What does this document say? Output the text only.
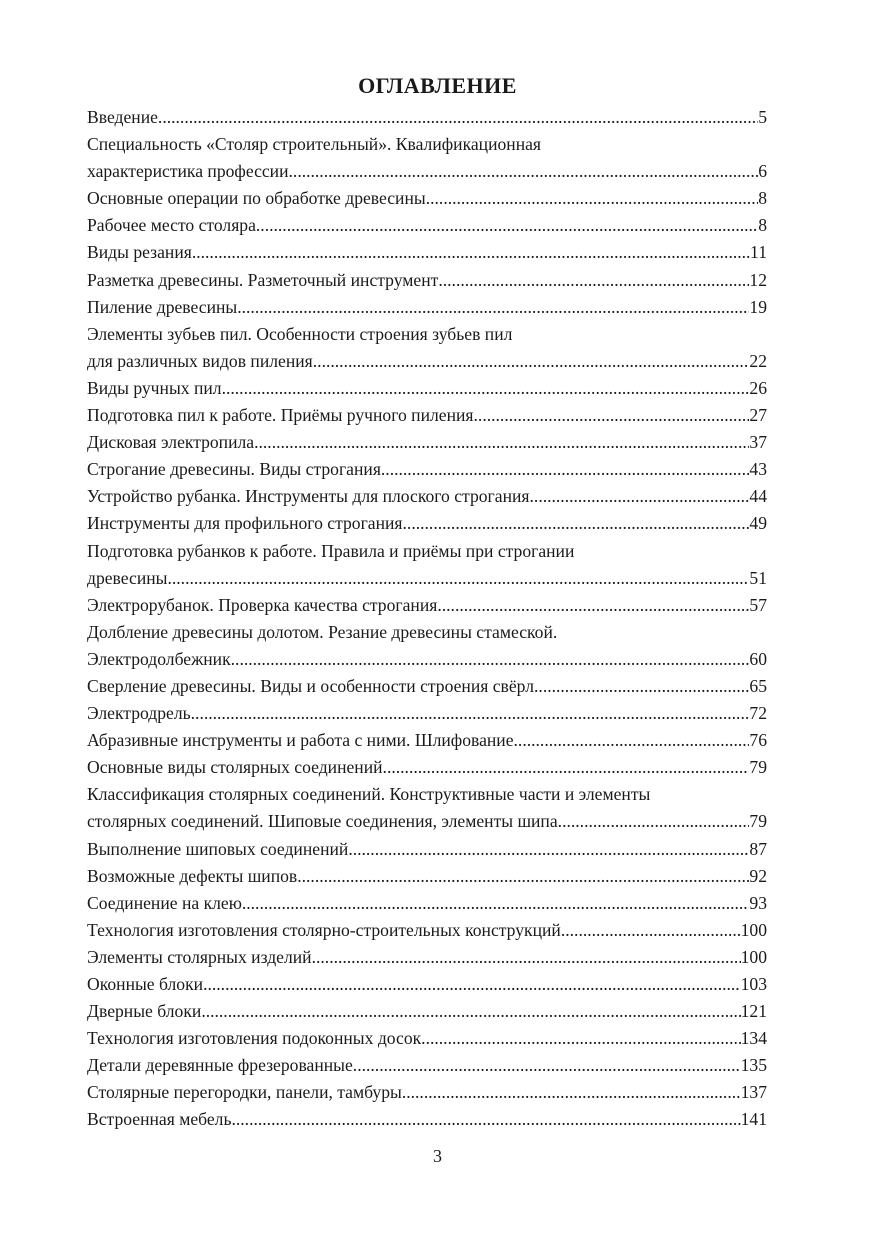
ОГЛАВЛЕНИЕ
Введение .....	5
Специальность «Столяр строительный». Квалификационная
характеристика профессии .....	6
Основные операции по обработке древесины .....	8
Рабочее место столяра .....	8
Виды резания .....	11
Разметка древесины. Разметочный инструмент .....	12
Пиление древесины .....	19
Элементы зубьев пил. Особенности строения зубьев пил
для различных видов пиления .....	22
Виды ручных пил .....	26
Подготовка пил к работе. Приёмы ручного пиления .....	27
Дисковая электропила .....	37
Строгание древесины. Виды строгания .....	43
Устройство рубанка. Инструменты для плоского строгания .....	44
Инструменты для профильного строгания .....	49
Подготовка рубанков к работе. Правила и приёмы при строгании
древесины .....	51
Электрорубанок. Проверка качества строгания .....	57
Долбление древесины долотом. Резание древесины стамеской.
Электродолбежник .....	60
Сверление древесины. Виды и особенности строения свёрл .....	65
Электродрель .....	72
Абразивные инструменты и работа с ними. Шлифование .....	76
Основные виды столярных соединений .....	79
Классификация столярных соединений. Конструктивные части и элементы
столярных соединений. Шиповые соединения, элементы шипа .....	79
Выполнение шиповых соединений .....	87
Возможные дефекты шипов .....	92
Соединение на клею .....	93
Технология изготовления столярно-строительных конструкций .....	100
Элементы столярных изделий .....	100
Оконные блоки .....	103
Дверные блоки .....	121
Технология изготовления подоконных досок .....	134
Детали деревянные фрезерованные .....	135
Столярные перегородки, панели, тамбуры .....	137
Встроенная мебель .....	141
3
